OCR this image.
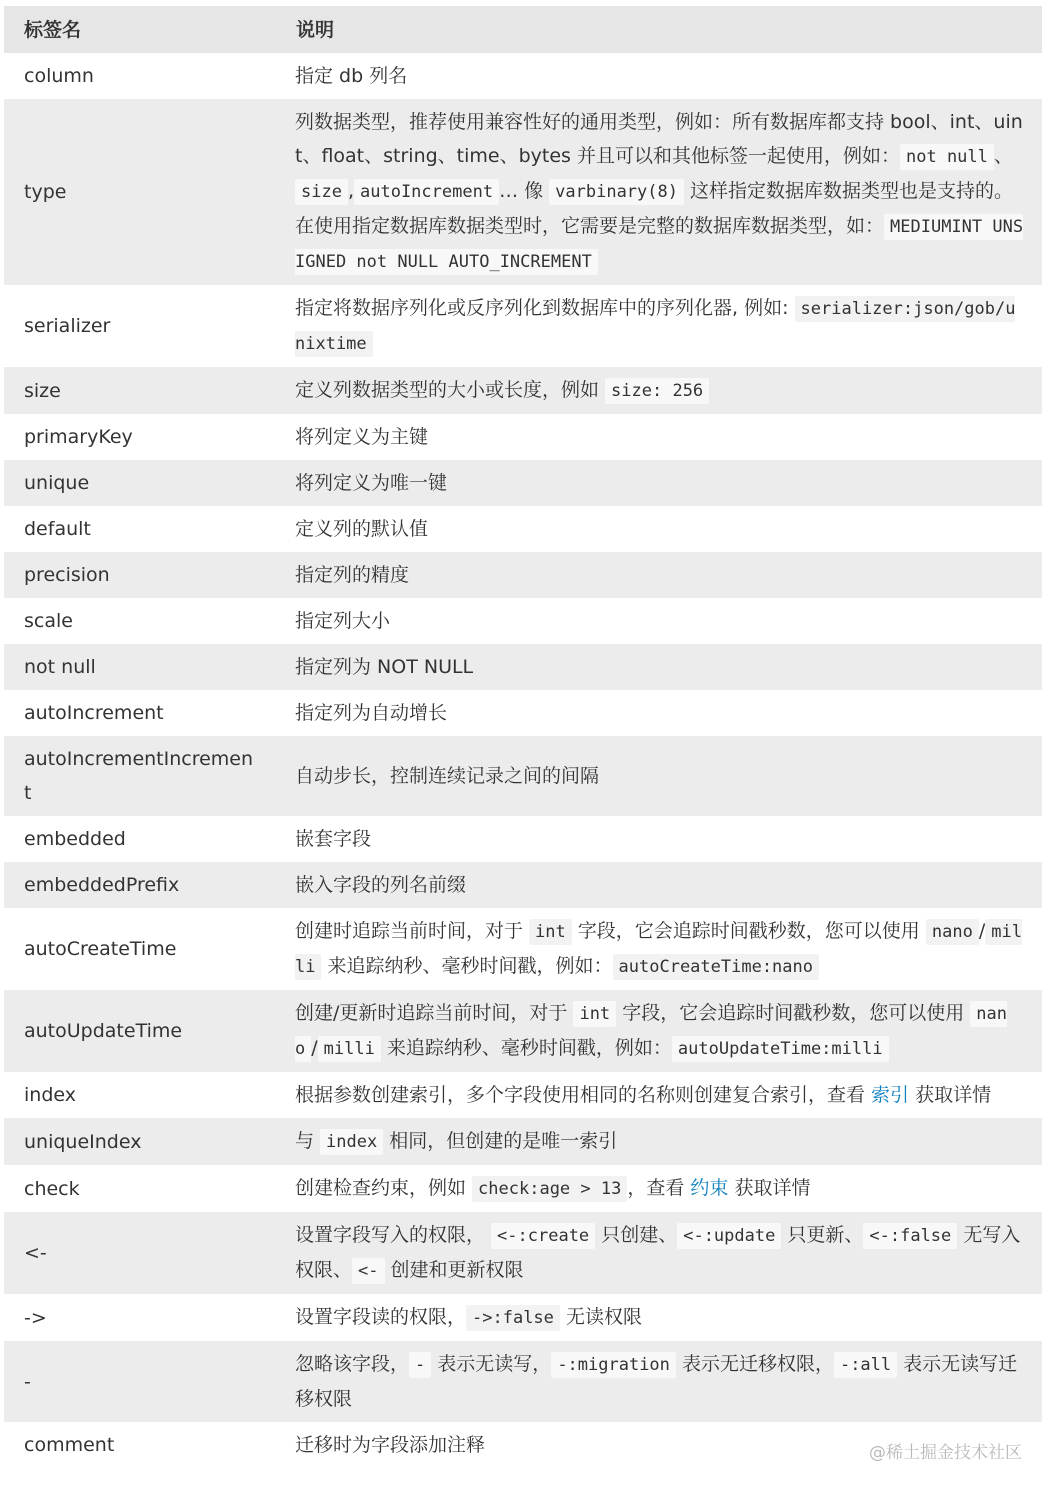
标签名	说明
column	指定 db 列名
type	列数据类型，推荐使用兼容性好的通用类型，例如：所有数据库都支持 bool、int、uint、float、string、time、bytes 并且可以和其他标签一起使用，例如： not null 、size , autoIncrement … 像 varbinary(8) 这样指定数据库数据类型也是支持的。在使用指定数据库数据类型时，它需要是完整的数据库数据类型，如： MEDIUMINT UNSIGNED not NULL AUTO_INCREMENT
serializer	指定将数据序列化或反序列化到数据库中的序列化器, 例如: serializer:json/gob/unixtime
size	定义列数据类型的大小或长度，例如 size: 256
primaryKey	将列定义为主键
unique	将列定义为唯一键
default	定义列的默认值
precision	指定列的精度
scale	指定列大小
not null	指定列为 NOT NULL
autoIncrement	指定列为自动增长
autoIncrementIncrement	自动步长，控制连续记录之间的间隔
embedded	嵌套字段
embeddedPrefix	嵌入字段的列名前缀
autoCreateTime	创建时追踪当前时间，对于 int 字段，它会追踪时间戳秒数，您可以使用 nano / milli 来追踪纳秒、毫秒时间戳，例如： autoCreateTime:nano
autoUpdateTime	创建/更新时追踪当前时间，对于 int 字段，它会追踪时间戳秒数，您可以使用 nano / milli 来追踪纳秒、毫秒时间戳，例如： autoUpdateTime:milli
index	根据参数创建索引，多个字段使用相同的名称则创建复合索引，查看 索引 获取详情
uniqueIndex	与 index 相同，但创建的是唯一索引
check	创建检查约束，例如 check:age > 13 ，查看 约束 获取详情
<-	设置字段写入的权限， <-:create 只创建、 <-:update 只更新、 <-:false 无写入权限、 <- 创建和更新权限
->	设置字段读的权限， ->:false 无读权限
-	忽略该字段， - 表示无读写， -:migration 表示无迁移权限， -:all 表示无读写迁移权限
comment	迁移时为字段添加注释	@稀土掘金技术社区
